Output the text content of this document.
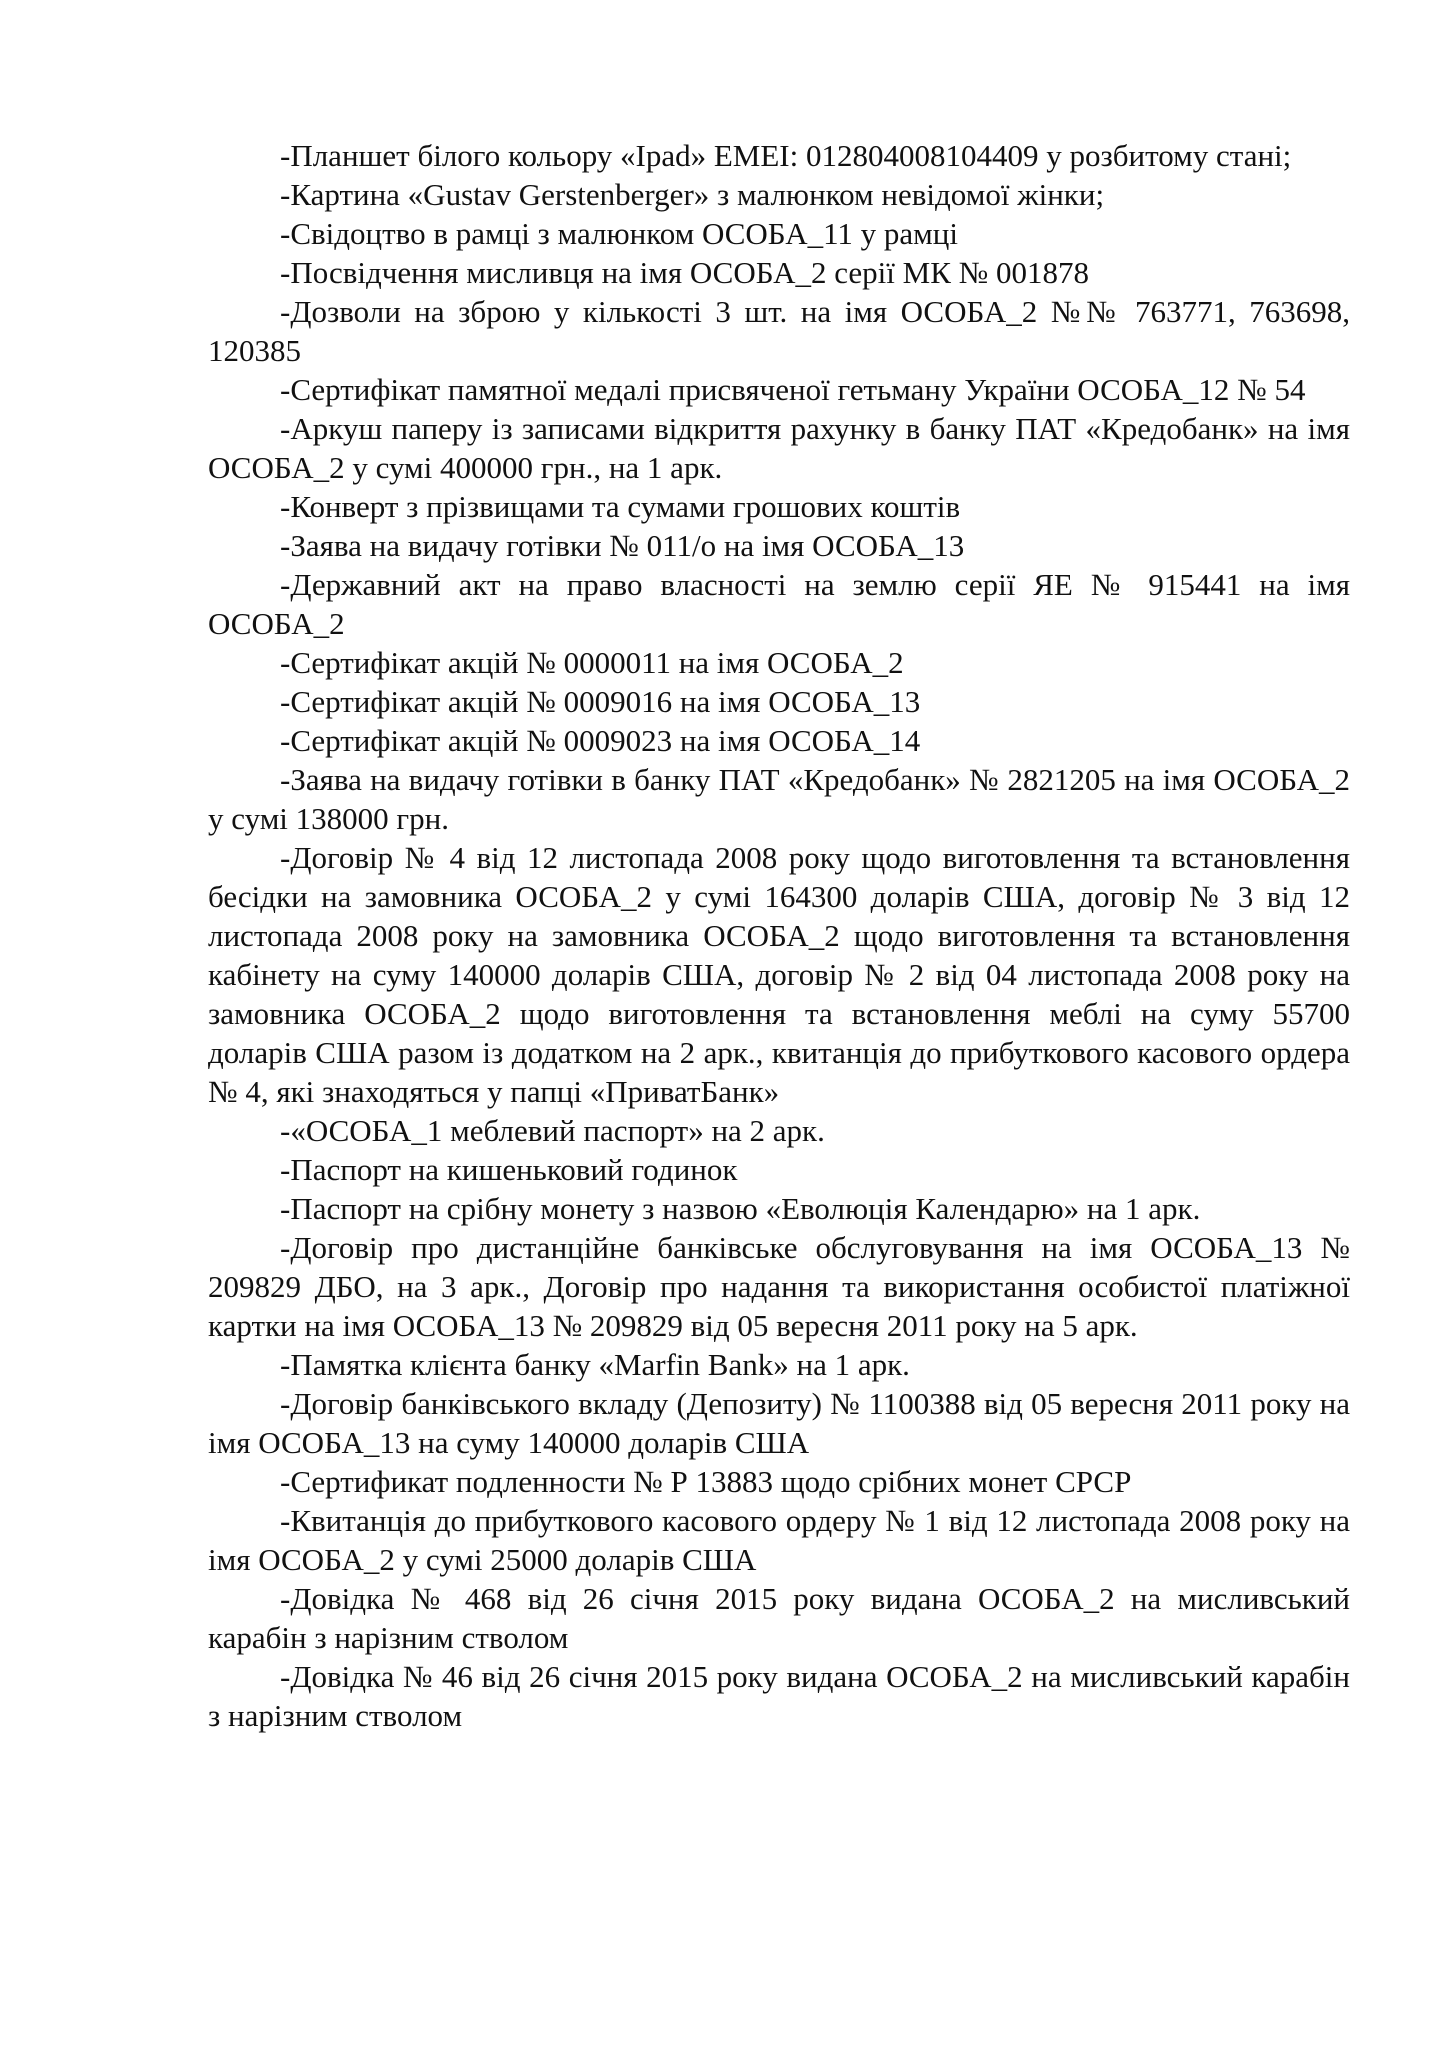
-Планшет білого кольору «Ipad» ЕМЕІ: 012804008104409 у розбитому стані;

-Картина «Gustav Gerstenberger» з малюнком невідомої жінки;

-Свідоцтво в рамці з малюнком ОСОБА_11 у рамці

-Посвідчення мисливця на імя ОСОБА_2 серії МК № 001878

-Дозволи на зброю у кількості 3 шт. на імя ОСОБА_2 №№ 763771, 763698, 120385

-Сертифікат памятної медалі присвяченої гетьману України ОСОБА_12 № 54

-Аркуш паперу із записами відкриття рахунку в банку ПАТ «Кредобанк» на імя ОСОБА_2 у сумі 400000 грн., на 1 арк.

-Конверт з прізвищами та сумами грошових коштів

-Заява на видачу готівки № 011/о на імя ОСОБА_13

-Державний акт на право власності на землю серії ЯЕ № 915441 на імя ОСОБА_2

-Сертифікат акцій № 0000011 на імя ОСОБА_2

-Сертифікат акцій № 0009016 на імя ОСОБА_13

-Сертифікат акцій № 0009023 на імя ОСОБА_14

-Заява на видачу готівки в банку ПАТ «Кредобанк» № 2821205 на імя ОСОБА_2 у сумі 138000 грн.

-Договір № 4 від 12 листопада 2008 року щодо виготовлення та встановлення бесідки на замовника ОСОБА_2 у сумі 164300 доларів США, договір № 3 від 12 листопада 2008 року на замовника ОСОБА_2 щодо виготовлення та встановлення кабінету на суму 140000 доларів США, договір № 2 від 04 листопада 2008 року на замовника ОСОБА_2 щодо виготовлення та встановлення меблі на суму 55700 доларів США разом із додатком на 2 арк., квитанція до прибуткового касового ордера № 4, які знаходяться у папці «ПриватБанк»

-«ОСОБА_1 меблевий паспорт» на 2 арк.

-Паспорт на кишеньковий годинок

-Паспорт на срібну монету з назвою «Еволюція Календарю» на 1 арк.

-Договір про дистанційне банківське обслуговування на імя ОСОБА_13 № 209829 ДБО, на 3 арк., Договір про надання та використання особистої платіжної картки на імя ОСОБА_13 № 209829 від 05 вересня 2011 року на 5 арк.

-Памятка клієнта банку «Marfin Bank» на 1 арк.

-Договір банківського вкладу (Депозиту) № 1100388 від 05 вересня 2011 року на імя ОСОБА_13 на суму 140000 доларів США

-Сертификат подленности № Р 13883 щодо срібних монет СРСР

-Квитанція до прибуткового касового ордеру № 1 від 12 листопада 2008 року на імя ОСОБА_2 у сумі 25000 доларів США

-Довідка № 468 від 26 січня 2015 року видана ОСОБА_2 на мисливський карабін з нарізним стволом

-Довідка № 46 від 26 січня 2015 року видана ОСОБА_2 на мисливський карабін з нарізним стволом
